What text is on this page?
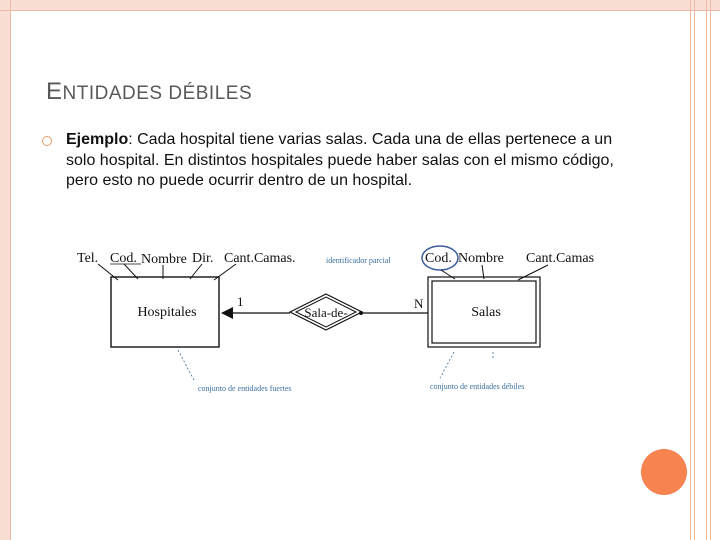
ENTIDADES DÉBILES
Ejemplo: Cada hospital tiene varias salas. Cada una de ellas pertenece a un solo hospital. En distintos hospitales puede haber salas con el mismo código, pero esto no puede ocurrir dentro de un hospital.
Hospitales	Salas
Sala-de-
1	N
Tel. Cod. Nombre Dir. Cant.Camas.	Cod. Nombre Cant.Camas
identificador parcial
conjunto de entidades fuertes	conjunto de entidades débiles
